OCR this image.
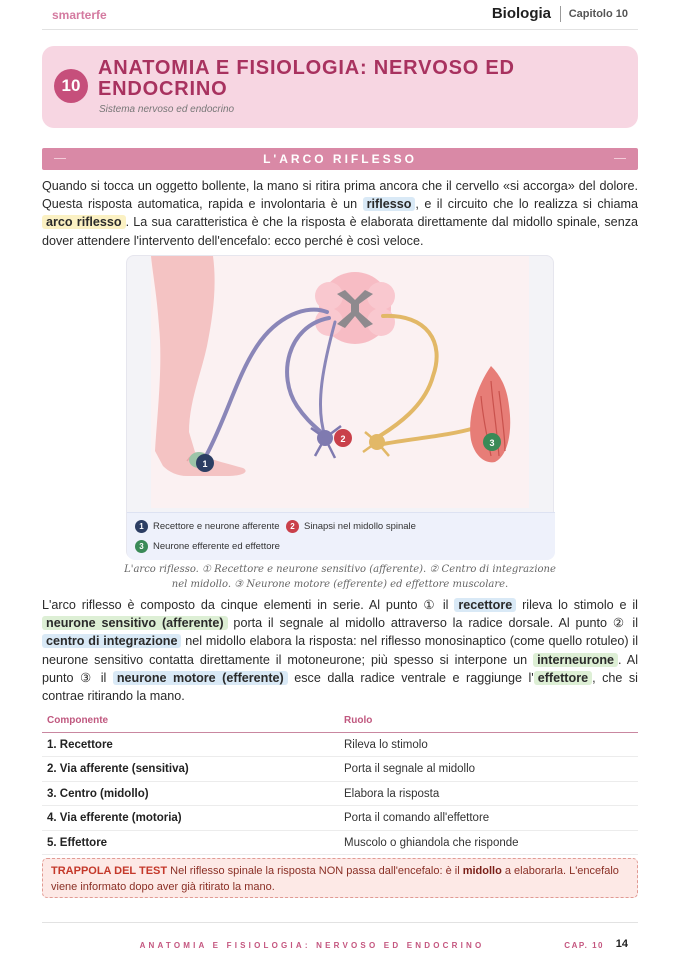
smarterfe	Biologia Capitolo 10
10
ANATOMIA E FISIOLOGIA: NERVOSO ED ENDOCRINO
Sistema nervoso ed endocrino
L'ARCO RIFLESSO

Quando si tocca un oggetto bollente, la mano si ritira prima ancora che il cervello «si accorga» del dolore. Questa risposta automatica, rapida e involontaria è un riflesso , e il circuito che lo realizza si chiama arco riflesso . La sua caratteristica è che la risposta è elaborata direttamente dal midollo spinale, senza dover attendere l'intervento dell'encefalo: ecco perché è così veloce.

1
2	3
1 Recettore e neurone afferente	2 Sinapsi nel midollo spinale
3 Neurone efferente ed effettore
L'arco riflesso. ① Recettore e neurone sensitivo (afferente). ② Centro di integrazione
nel midollo. ③ Neurone motore (efferente) ed effettore muscolare.

L'arco riflesso è composto da cinque elementi in serie. Al punto ① il recettore rileva lo stimolo e il neurone sensitivo (afferente) porta il segnale al midollo attraverso la radice dorsale. Al punto ② il centro di integrazione nel midollo elabora la risposta: nel riflesso monosinaptico (come quello rotuleo) il neurone sensitivo contatta direttamente il motoneurone; più spesso si interpone un interneurone . Al punto ③ il neurone motore (efferente) esce dalla radice ventrale e raggiunge l' effettore , che si contrae ritirando la mano.

Componente	Ruolo
1. Recettore	Rileva lo stimolo
2. Via afferente (sensitiva)	Porta il segnale al midollo
3. Centro (midollo)	Elabora la risposta
4. Via efferente (motoria)	Porta il comando all'effettore
5. Effettore	Muscolo o ghiandola che risponde
TRAPPOLA DEL TEST Nel riflesso spinale la risposta NON passa dall'encefalo: è il midollo a elaborarla. L'encefalo viene informato dopo aver già ritirato la mano.
ANATOMIA E FISIOLOGIA: NERVOSO ED ENDOCRINO	CAP. 10 14
